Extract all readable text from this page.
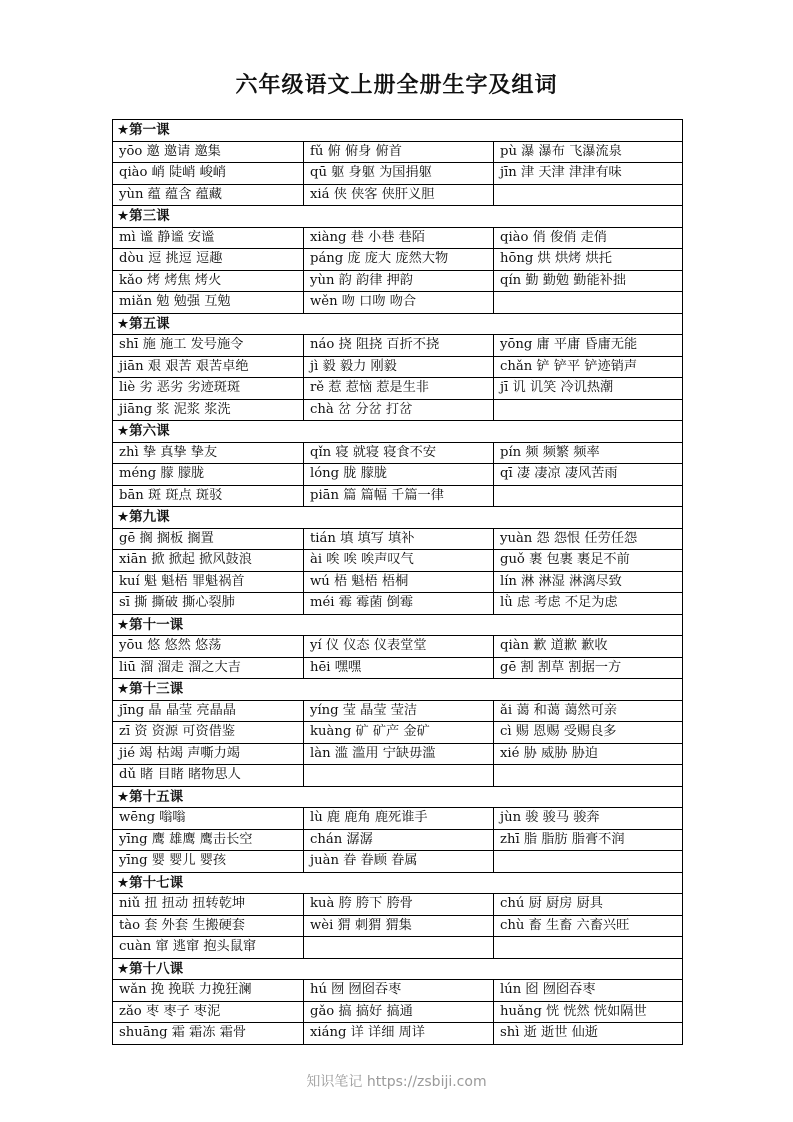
六年级语文上册全册生字及组词
★第一课		
yōo 邀 邀请 邀集	fǔ 俯 俯身 俯首	pù 瀑 瀑布 飞瀑流泉
qiào 峭 陡峭 峻峭	qū 躯 身躯 为国捐躯	jīn 津 天津 津津有味
yùn 蕴 蕴含 蕴藏	xiá 侠 侠客 侠肝义胆	
★第三课		
mì 谧 静谧 安谧	xiàng 巷 小巷 巷陌	qiào 俏 俊俏 走俏
dòu 逗 挑逗 逗趣	páng 庞 庞大 庞然大物	hōng 烘 烘烤 烘托
kǎo 烤 烤焦 烤火	yùn 韵 韵律 押韵	qín 勤 勤勉 勤能补拙
miǎn 勉 勉强 互勉	wěn 吻 口吻 吻合	
★第五课		
shī 施 施工 发号施令	náo 挠 阻挠 百折不挠	yōng 庸 平庸 昏庸无能
jiān 艰 艰苦 艰苦卓绝	jì 毅 毅力 刚毅	chǎn 铲 铲平 铲迹销声
liè 劣 恶劣 劣迹斑斑	rě 惹 惹恼 惹是生非	jī 讥 讥笑 冷讥热潮
jiāng 浆 泥浆 浆洗	chà 岔 分岔 打岔	
★第六课		
zhì 挚 真挚 挚友	qǐn 寝 就寝 寝食不安	pín 频 频繁 频率
méng 朦 朦胧	lóng 胧 朦胧	qī 凄 凄凉 凄风苦雨
bān 斑 斑点 斑驳	piān 篇 篇幅 千篇一律	
★第九课		
gē 搁 搁板 搁置	tián 填 填写 填补	yuàn 怨 怨恨 任劳任怨
xiān 掀 掀起 掀风鼓浪	ài 唉 唉 唉声叹气	guǒ 裹 包裹 裹足不前
kuí 魁 魁梧 罪魁祸首	wú 梧 魁梧 梧桐	lín 淋 淋湿 淋漓尽致
sī 撕 撕破 撕心裂肺	méi 霉 霉菌 倒霉	lǜ 虑 考虑 不足为虑
★第十一课		
yōu 悠 悠然 悠荡	yí 仪 仪态 仪表堂堂	qiàn 歉 道歉 歉收
liū 溜 溜走 溜之大吉	hēi 嘿嘿	gē 割 割草 割据一方
★第十三课		
jīng 晶 晶莹 亮晶晶	yíng 莹 晶莹 莹洁	ǎi 蔼 和蔼 蔼然可亲
zī 资 资源 可资借鉴	kuàng 矿 矿产 金矿	cì 赐 恩赐 受赐良多
jié 竭 枯竭 声嘶力竭	làn 滥 滥用 宁缺毋滥	xié 胁 威胁 胁迫
dǔ 睹 目睹 睹物思人		
★第十五课		
wēng 嗡嗡	lù 鹿 鹿角 鹿死谁手	jùn 骏 骏马 骏奔
yīng 鹰 雄鹰 鹰击长空	chán 潺潺	zhī 脂 脂肪 脂膏不润
yīng 婴 婴儿 婴孩	juàn 眷 眷顾 眷属	
★第十七课		
niǔ 扭 扭动 扭转乾坤	kuà 胯 胯下 胯骨	chú 厨 厨房 厨具
tào 套 外套 生搬硬套	wèi 猬 刺猬 猬集	chù 畜 生畜 六畜兴旺
cuàn 窜 逃窜 抱头鼠窜		
★第十八课		
wǎn 挽 挽联 力挽狂澜	hú 囫 囫囵吞枣	lún 囵 囫囵吞枣
zǎo 枣 枣子 枣泥	gǎo 搞 搞好 搞通	huǎng 恍 恍然 恍如隔世
shuāng 霜 霜冻 霜骨	xiáng 详 详细 周详	shì 逝 逝世 仙逝
知识笔记 https://zsbiji.com
